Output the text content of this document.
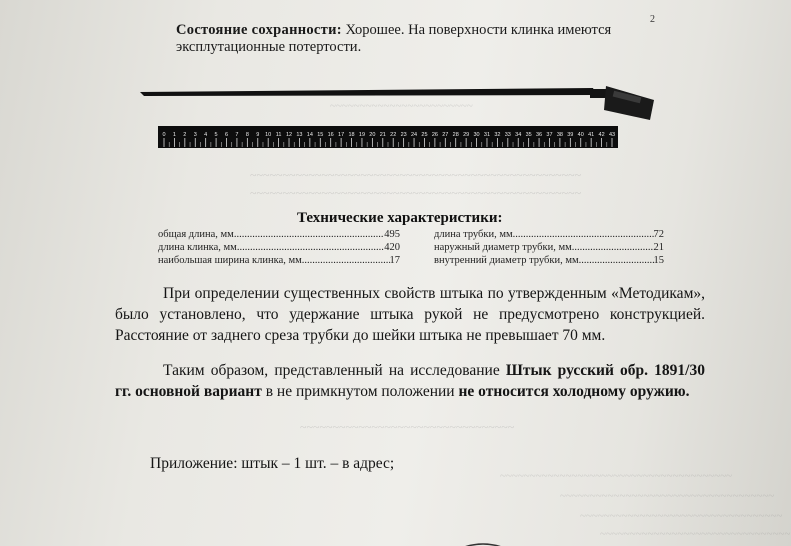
~~~~~~~~~~~~~~~~~~~~~~~~
~~~~~~~~~~~~~~~~~~~~~~~~~~~~~~~~~~~~~~~~~~~~~~~~~~~
~~~~~~~~~~~~~~~~~~~~~~~~~~~~~~~~~~~~~~~~~~~~~~~~~~~
~~~~~~~~~~~~~~~~~~~~~~~~~~~~~~~~~
~~~~~~~~~~~~~~~~~~~~~~~~~~~~~~~~~~~~~~~
~~~~~~~~~~~~~~~~~~~~~~~~~~~~~~~~~~~~
~~~~~~~~~~~~~~~~~~~~~~~~~~~~~~~~~~
~~~~~~~~~~~~~~~~~~~~~~~~~~~~~~~~
2
Состояние сохранности: Хорошее. На поверхности клинка имеются эксплутационные потертости.
0 1 2 3 4 5 6 7 8 9 10 11 12 13 14 15 16 17 18 19 20 21 22 23 24 25 26 27 28 29 30 31 32 33 34 35 36 37 38 39 40 41 42 43
Технические характеристики:
общая длина, мм .....	495
длина клинка, мм .....	420
наибольшая ширина клинка, мм .....	17
длина трубки, мм .....	72
наружный диаметр трубки, мм .....	21
внутренний диаметр трубки, мм .....	15
При определении существенных свойств штыка по утвержденным «Методикам», было установлено, что удержание штыка рукой не предусмотрено конструкцией. Расстояние от заднего среза трубки до шейки штыка не превышает 70 мм.
Таким образом, представленный на исследование Штык русский обр. 1891/30 гг. основной вариант в не примкнутом положении не относится холодному оружию.
Приложение: штык – 1 шт. – в адрес;
